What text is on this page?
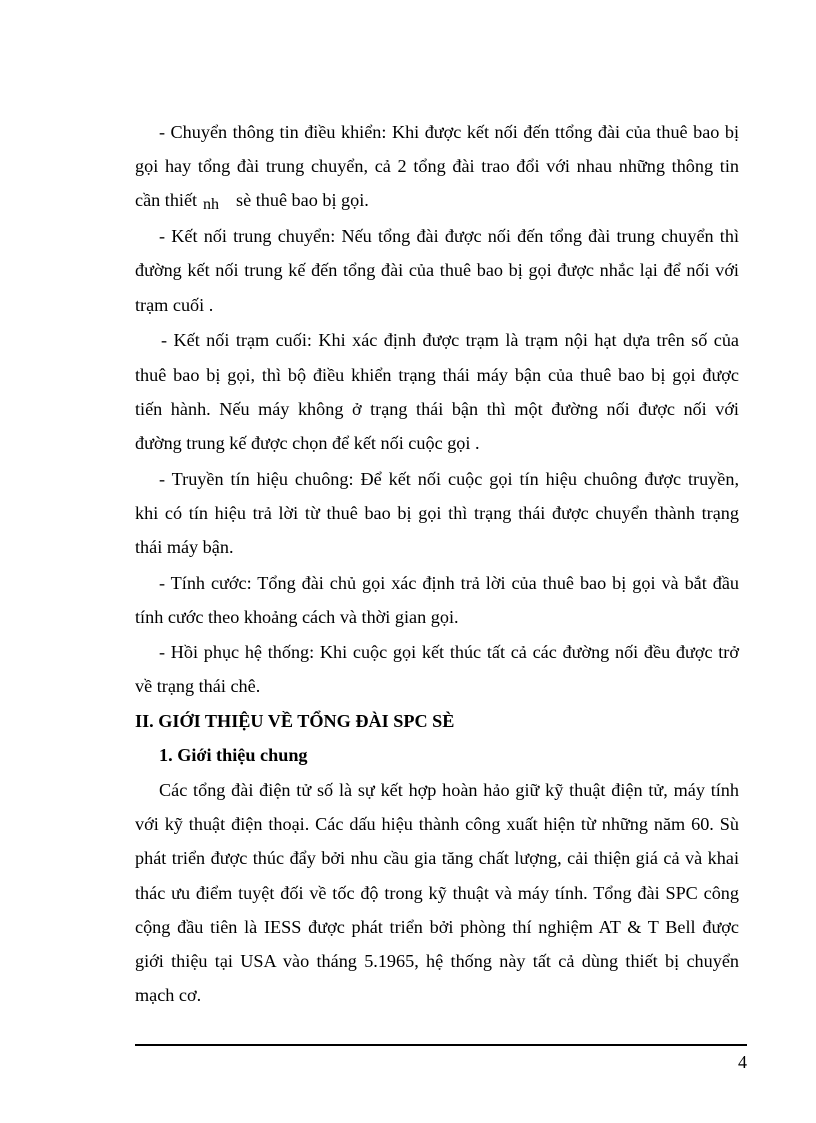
- Chuyển thông tin điều khiển: Khi được kết nối đến ttổng đài của thuê bao bị
gọi hay tổng đài trung chuyển, cả 2 tổng đài trao đổi với nhau những thông tin
cần thiết nh sè thuê bao bị gọi.
- Kết nối trung chuyển: Nếu tổng đài được nối đến tổng đài trung chuyển thì
đường kết nối trung kế đến tổng đài của thuê bao bị gọi được nhắc lại để nối với
trạm cuối .
- Kết nối trạm cuối: Khi xác định được trạm là trạm nội hạt dựa trên số của
thuê bao bị gọi, thì bộ điều khiển trạng thái máy bận của thuê bao bị gọi được
tiến hành. Nếu máy không ở trạng thái bận thì một đường nối được nối với
đường trung kế được chọn để kết nối cuộc gọi .
- Truyền tín hiệu chuông: Để kết nối cuộc gọi tín hiệu chuông được truyền,
khi có tín hiệu trả lời từ thuê bao bị gọi thì trạng thái được chuyển thành trạng
thái máy bận.
- Tính cước: Tổng đài chủ gọi xác định trả lời của thuê bao bị gọi và bắt đầu
tính cước theo khoảng cách và thời gian gọi.
- Hồi phục hệ thống: Khi cuộc gọi kết thúc tất cả các đường nối đều được trở
về trạng thái chê.
II. GIỚI THIỆU VỀ TỔNG ĐÀI SPC SÈ
1. Giới thiệu chung
Các tổng đài điện tử số là sự kết hợp hoàn hảo giữ kỹ thuật điện tử, máy tính
với kỹ thuật điện thoại. Các dấu hiệu thành công xuất hiện từ những năm 60. Sù
phát triển được thúc đẩy bởi nhu cầu gia tăng chất lượng, cải thiện giá cả và khai
thác ưu điểm tuyệt đối về tốc độ trong kỹ thuật và máy tính. Tổng đài SPC công
cộng đầu tiên là IESS được phát triển bởi phòng thí nghiệm AT & T Bell được
giới thiệu tại USA vào tháng 5.1965, hệ thống này tất cả dùng thiết bị chuyển
mạch cơ.
4
